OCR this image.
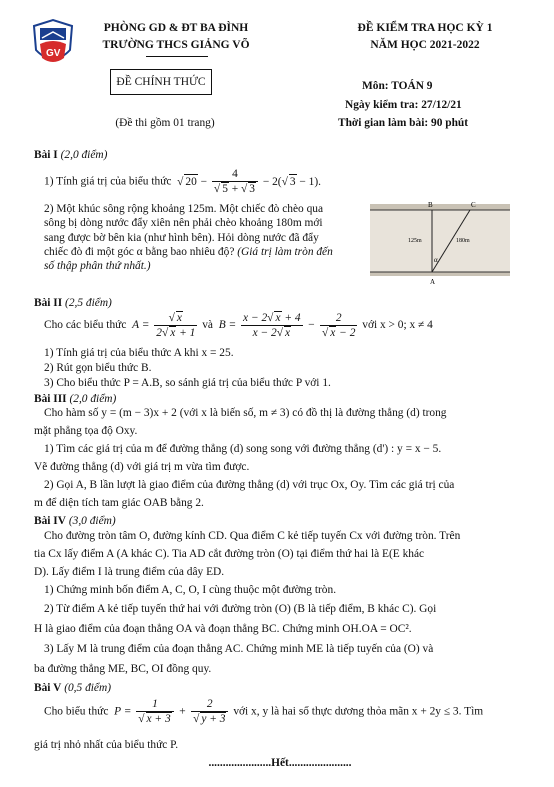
GV
PHÒNG GD & ĐT BA ĐÌNH
TRƯỜNG THCS GIẢNG VÕ
ĐỀ KIỂM TRA HỌC KỲ 1
NĂM HỌC 2021-2022
ĐỀ CHÍNH THỨC
(Đề thi gồm 01 trang)
Môn: TOÁN 9
Ngày kiểm tra: 27/12/21
Thời gian làm bài: 90 phút
Bài I (2,0 điểm)
1) Tính giá trị của biểu thức  √ $20 - \frac{4}{√ 5 + √ 3} - 2(√$ 3 − 1).
2) Một khúc sông rộng khoảng 125m. Một chiếc đò chèo qua
sông bị dòng nước đẩy xiên nên phải chèo khoảng 180m mới
sang được bờ bên kia (như hình bên). Hỏi dòng nước đã đẩy
chiếc đò đi một góc α bằng bao nhiêu độ? (Giá trị làm tròn đến
số thập phân thứ nhất.)
B	C
A
α
125m	180m
Bài II (2,5 điểm)
Cho các biểu thức  $A = \frac{√ x}{2√ x + 1}$ và  $B = \frac{x - 2√ x + 4}{x - 2√ x} - \frac{2}{√ x - 2}$ với x > 0; x ≠ 4
1) Tính giá trị của biểu thức A khi x = 25.
2) Rút gọn biểu thức B.
3) Cho biểu thức P = A.B, so sánh giá trị của biểu thức P với 1.
Bài III (2,0 điểm)
Cho hàm số y = (m − 3)x + 2 (với x là biến số, m ≠ 3) có đồ thị là đường thẳng (d) trong
mặt phẳng tọa độ Oxy.
1) Tìm các giá trị của m để đường thẳng (d) song song với đường thẳng (d') : y = x − 5.
Vẽ đường thẳng (d) với giá trị m vừa tìm được.
2) Gọi A, B lần lượt là giao điểm của đường thẳng (d) với trục Ox, Oy. Tìm các giá trị của
m để diện tích tam giác OAB bằng 2.
Bài IV (3,0 điểm)
Cho đường tròn tâm O, đường kính CD. Qua điểm C kẻ tiếp tuyến Cx với đường tròn. Trên
tia Cx lấy điểm A (A khác C). Tia AD cắt đường tròn (O) tại điểm thứ hai là E(E khác
D). Lấy điểm I là trung điểm của dây ED.
1) Chứng minh bốn điểm A, C, O, I cùng thuộc một đường tròn.
2) Từ điểm A kẻ tiếp tuyến thứ hai với đường tròn (O) (B là tiếp điểm, B khác C). Gọi
H là giao điểm của đoạn thẳng OA và đoạn thẳng BC. Chứng minh OH.OA = OC².
3) Lấy M là trung điểm của đoạn thẳng AC. Chứng minh ME là tiếp tuyến của (O) và
ba đường thẳng ME, BC, OI đồng quy.
Bài V (0,5 điểm)
Cho biểu thức  $P = \frac{1}{√ x + 3} + \frac{2}{√ y + 3}$ với x, y là hai số thực dương thỏa mãn x + 2y ≤ 3. Tìm
giá trị nhỏ nhất của biểu thức P.
......................Hết......................
